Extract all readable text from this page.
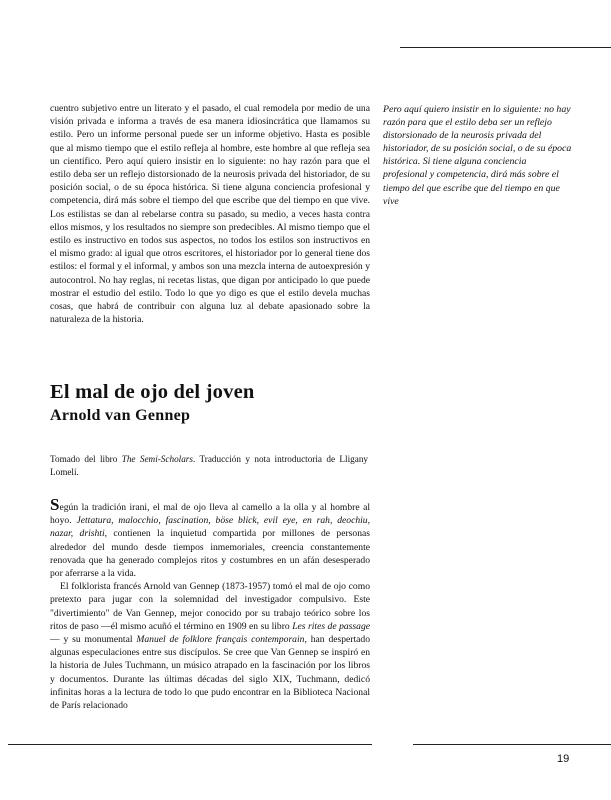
cuentro subjetivo entre un literato y el pasado, el cual remodela por medio de una visión privada e informa a través de esa manera idiosincrática que llamamos su estilo. Pero un informe personal puede ser un informe objetivo. Hasta es posible que al mismo tiempo que el estilo refleja al hombre, este hombre al que refleja sea un científico. Pero aquí quiero insistir en lo siguiente: no hay razón para que el estilo deba ser un reflejo distorsionado de la neurosis privada del historiador, de su posición social, o de su época histórica. Si tiene alguna conciencia profesional y competencia, dirá más sobre el tiempo del que escribe que del tiempo en que vive. Los estilistas se dan al rebelarse contra su pasado, su medio, a veces hasta contra ellos mismos, y los resultados no siempre son predecibles. Al mismo tiempo que el estilo es instructivo en todos sus aspectos, no todos los estilos son instructivos en el mismo grado: al igual que otros escritores, el historiador por lo general tiene dos estilos: el formal y el informal, y ambos son una mezcla interna de autoexpresión y autocontrol. No hay reglas, ni recetas listas, que digan por anticipado lo que puede mostrar el estudio del estilo. Todo lo que yo digo es que el estilo devela muchas cosas, que habrá de contribuir con alguna luz al debate apasionado sobre la naturaleza de la historia.

Pero aquí quiero insistir en lo siguiente: no hay razón para que el estilo deba ser un reflejo distorsionado de la neurosis privada del historiador, de su posición social, o de su época histórica. Si tiene alguna conciencia profesional y competencia, dirá más sobre el tiempo del que escribe que del tiempo en que vive

El mal de ojo del joven
Arnold van Gennep

Tomado del libro The Semi-Scholars. Traducción y nota introductoria de Lligany Lomelí.

Según la tradición irani, el mal de ojo lleva al camello a la olla y al hombre al hoyo. Jettatura, malocchio, fascination, böse blick, evil eye, en rah, deochiu, nazar, drishti, contienen la inquietud compartida por millones de personas alrededor del mundo desde tiempos inmemoriales, creencia constantemente renovada que ha generado complejos ritos y costumbres en un afán desesperado por aferrarse a la vida.

El folklorista francés Arnold van Gennep (1873-1957) tomó el mal de ojo como pretexto para jugar con la solemnidad del investigador compulsivo. Este "divertimiento" de Van Gennep, mejor conocido por su trabajo teórico sobre los ritos de paso —él mismo acuñó el término en 1909 en su libro Les rites de passage — y su monumental Manuel de folklore français contemporain, han despertado algunas especulaciones entre sus discípulos. Se cree que Van Gennep se inspiró en la historia de Jules Tuchmann, un músico atrapado en la fascinación por los libros y documentos. Durante las últimas décadas del siglo XIX, Tuchmann, dedicó infinitas horas a la lectura de todo lo que pudo encontrar en la Biblioteca Nacional de París relacionado

19
